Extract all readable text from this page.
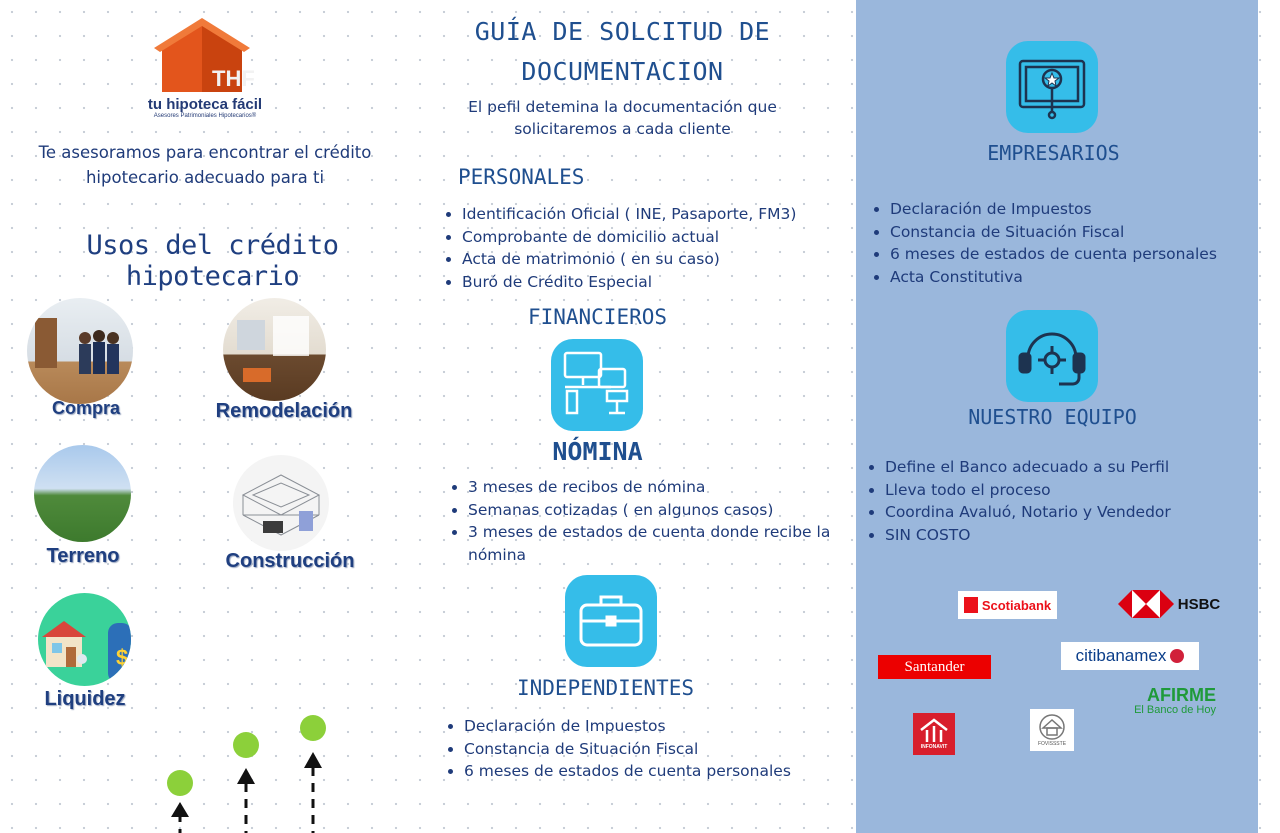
THF
tu hipoteca fácil
Asesores Patrimoniales Hipotecarios®
Te asesoramos para encontrar el crédito hipotecario adecuado para ti
Usos del crédito hipotecario
Compra	Remodelación
Terreno	Construcción
$
Liquidez
GUÍA DE SOLCITUD DE DOCUMENTACION
El pefil detemina la documentación que solicitaremos a cada cliente
PERSONALES
• Identificación Oficial ( INE, Pasaporte, FM3)
• Comprobante de domicilio actual
• Acta de matrimonio ( en su caso)
• Buró de Crédito Especial
FINANCIEROS
NÓMINA
• 3 meses de recibos de nómina
• Semanas cotizadas ( en algunos casos)
• 3 meses de estados de cuenta donde recibe la nómina
INDEPENDIENTES
• Declaración de Impuestos
• Constancia de Situación Fiscal
• 6 meses de estados de cuenta personales
EMPRESARIOS
• Declaración de Impuestos
• Constancia de Situación Fiscal
• 6 meses de estados de cuenta personales
• Acta Constitutiva
NUESTRO EQUIPO
• Define el Banco adecuado a su Perfil
• Lleva todo el proceso
• Coordina Avaluó, Notario y Vendedor
• SIN COSTO
Scotiabank	HSBC
Santander
citibanamex
AFIRME
El Banco de Hoy
INFONAVIT	FOVISSSTE
